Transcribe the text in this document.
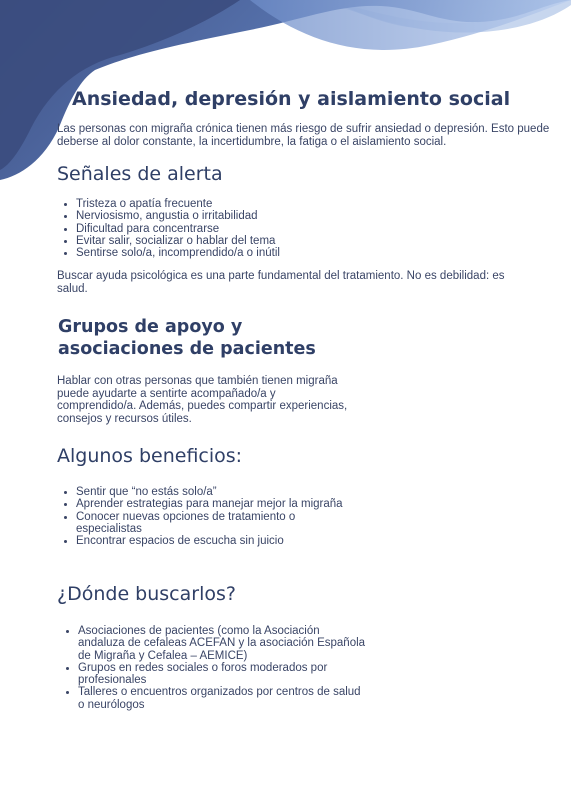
Ansiedad, depresión y aislamiento social

Las personas con migraña crónica tienen más riesgo de sufrir ansiedad o depresión. Esto puede deberse al dolor constante, la incertidumbre, la fatiga o el aislamiento social.

Señales de alerta
• Tristeza o apatía frecuente
• Nerviosismo, angustia o irritabilidad
• Dificultad para concentrarse
• Evitar salir, socializar o hablar del tema
• Sentirse solo/a, incomprendido/a o inútil

Buscar ayuda psicológica es una parte fundamental del tratamiento. No es debilidad: es salud.

Grupos de apoyo y
asociaciones de pacientes

Hablar con otras personas que también tienen migraña puede ayudarte a sentirte acompañado/a y comprendido/a. Además, puedes compartir experiencias, consejos y recursos útiles.

Algunos beneficios:
• Sentir que “no estás solo/a”
• Aprender estrategias para manejar mejor la migraña
• Conocer nuevas opciones de tratamiento o especialistas
• Encontrar espacios de escucha sin juicio
¿Dónde buscarlos?
• Asociaciones de pacientes (como la Asociación andaluza de cefaleas ACEFAN y la asociación Española de Migraña y Cefalea – AEMICE)
• Grupos en redes sociales o foros moderados por profesionales
• Talleres o encuentros organizados por centros de salud o neurólogos
